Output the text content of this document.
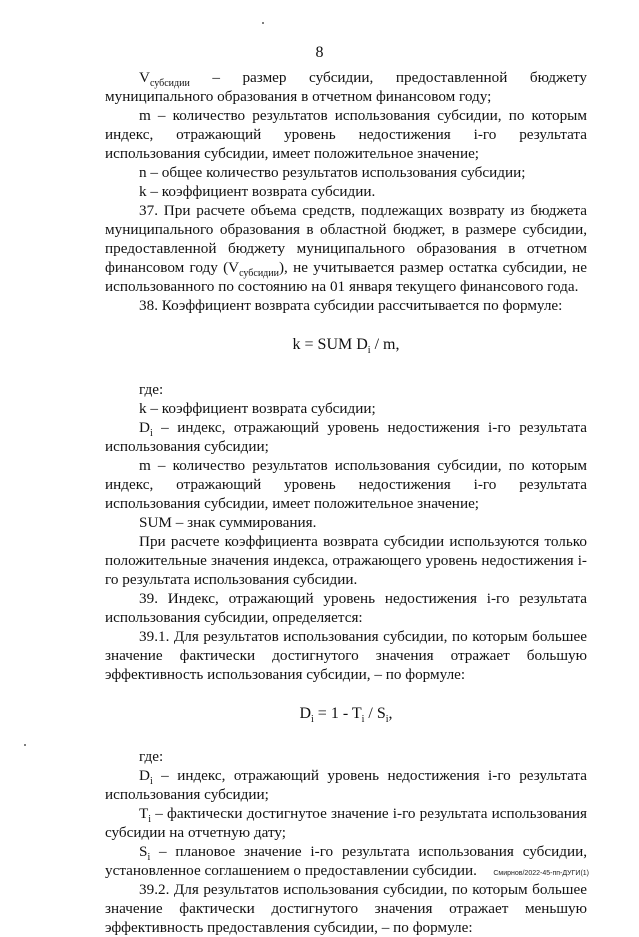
8

$V_{субсидии}$ – размер субсидии, предоставленной бюджету муниципального образования в отчетном финансовом году;

m – количество результатов использования субсидии, по которым индекс, отражающий уровень недостижения i-го результата использования субсидии, имеет положительное значение;

n – общее количество результатов использования субсидии;

k – коэффициент возврата субсидии.

37. При расчете объема средств, подлежащих возврату из бюджета муниципального образования в областной бюджет, в размере субсидии, предоставленной бюджету муниципального образования в отчетном финансовом году $(V_{субсидии})$, не учитывается размер остатка субсидии, не использованного по состоянию на 01 января текущего финансового года.

38. Коэффициент возврата субсидии рассчитывается по формуле:

k = SUM $D_i$ / m,

где:

k – коэффициент возврата субсидии;

$D_i$ – индекс, отражающий уровень недостижения i-го результата использования субсидии;

m – количество результатов использования субсидии, по которым индекс, отражающий уровень недостижения i-го результата использования субсидии, имеет положительное значение;

SUM – знак суммирования.

При расчете коэффициента возврата субсидии используются только положительные значения индекса, отражающего уровень недостижения i-го результата использования субсидии.

39. Индекс, отражающий уровень недостижения i-го результата использования субсидии, определяется:

39.1. Для результатов использования субсидии, по которым большее значение фактически достигнутого значения отражает большую эффективность использования субсидии, – по формуле:

$D_i = 1 - T_i / S_i$,

где:

$D_i$ – индекс, отражающий уровень недостижения i-го результата использования субсидии;

$T_i$ – фактически достигнутое значение i-го результата использования субсидии на отчетную дату;

$S_i$ – плановое значение i-го результата использования субсидии, установленное соглашением о предоставлении субсидии.

39.2. Для результатов использования субсидии, по которым большее значение фактически достигнутого значения отражает меньшую эффективность предоставления субсидии, – по формуле:

Смирнов/2022-45-пп-ДУГИ(1)
